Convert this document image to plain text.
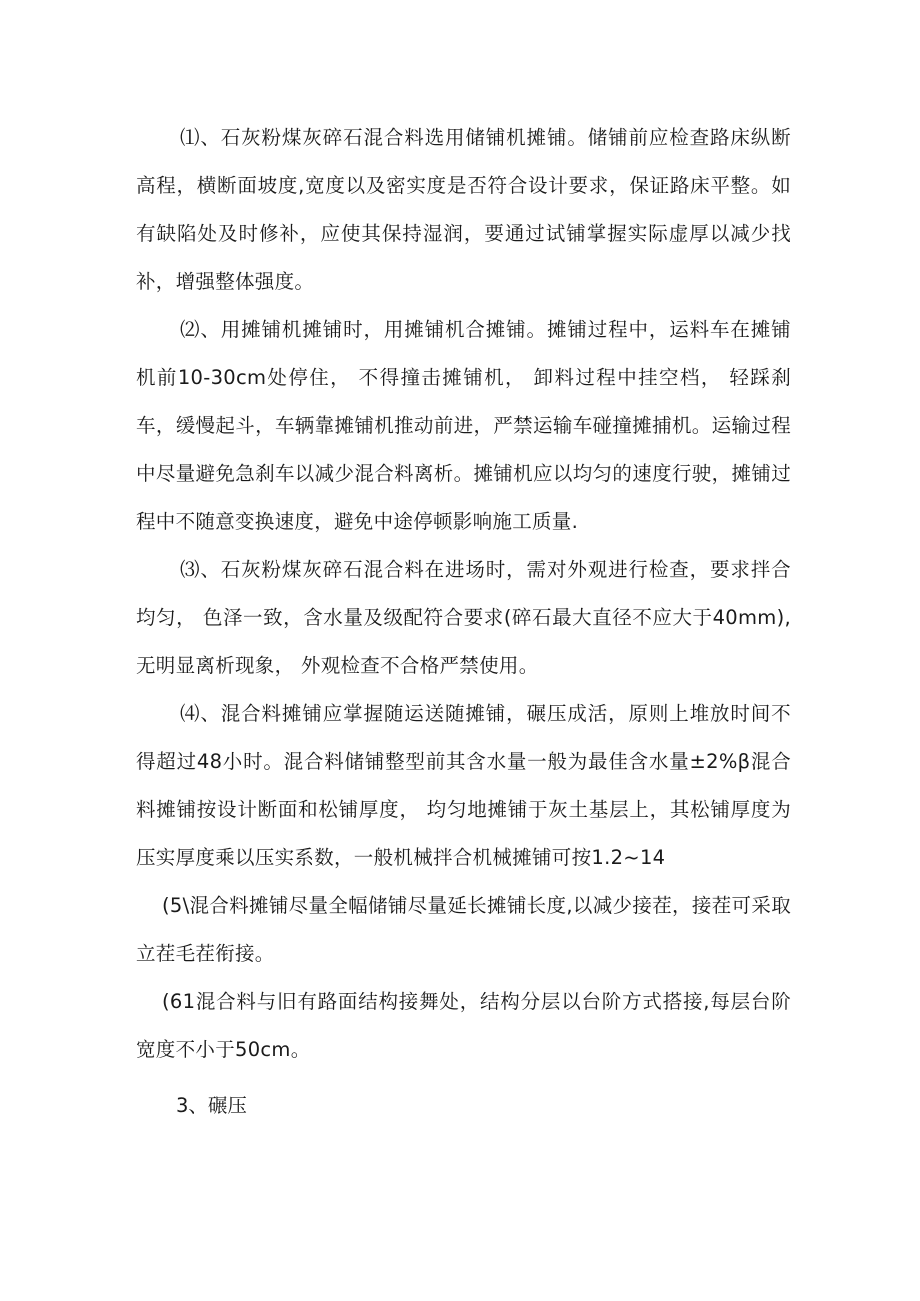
⑴、石灰粉煤灰碎石混合料选用储铺机摊铺。储铺前应检查路床纵断高程，横断面坡度,宽度以及密实度是否符合设计要求，保证路床平整。如有缺陷处及时修补，应使其保持湿润，要通过试铺掌握实际虚厚以减少找补，增强整体强度。

⑵、用摊铺机摊铺时，用摊铺机合摊铺。摊铺过程中，运料车在摊铺机前10-30cm处停住， 不得撞击摊铺机， 卸料过程中挂空档， 轻踩刹车，缓慢起斗，车辆靠摊铺机推动前进，严禁运输车碰撞摊捕机。运输过程中尽量避免急刹车以减少混合料离析。摊铺机应以均匀的速度行驶，摊铺过程中不随意变换速度，避免中途停顿影响施工质量.

⑶、石灰粉煤灰碎石混合料在进场时，需对外观进行检查，要求拌合均匀， 色泽一致，含水量及级配符合要求(碎石最大直径不应大于40mm),无明显离析现象， 外观检查不合格严禁使用。

⑷、混合料摊铺应掌握随运送随摊铺，碾压成活，原则上堆放时间不得超过48小时。混合料储铺整型前其含水量一般为最佳含水量±2%β混合料摊铺按设计断面和松铺厚度， 均匀地摊铺于灰土基层上，其松铺厚度为压实厚度乘以压实系数，一般机械拌合机械摊铺可按1.2~14

(5\混合料摊铺尽量全幅储铺尽量延长摊铺长度,以减少接茬，接茬可采取立茬毛茬衔接。

(61混合料与旧有路面结构接舞处，结构分层以台阶方式搭接,每层台阶宽度不小于50cm。

3、碾压
